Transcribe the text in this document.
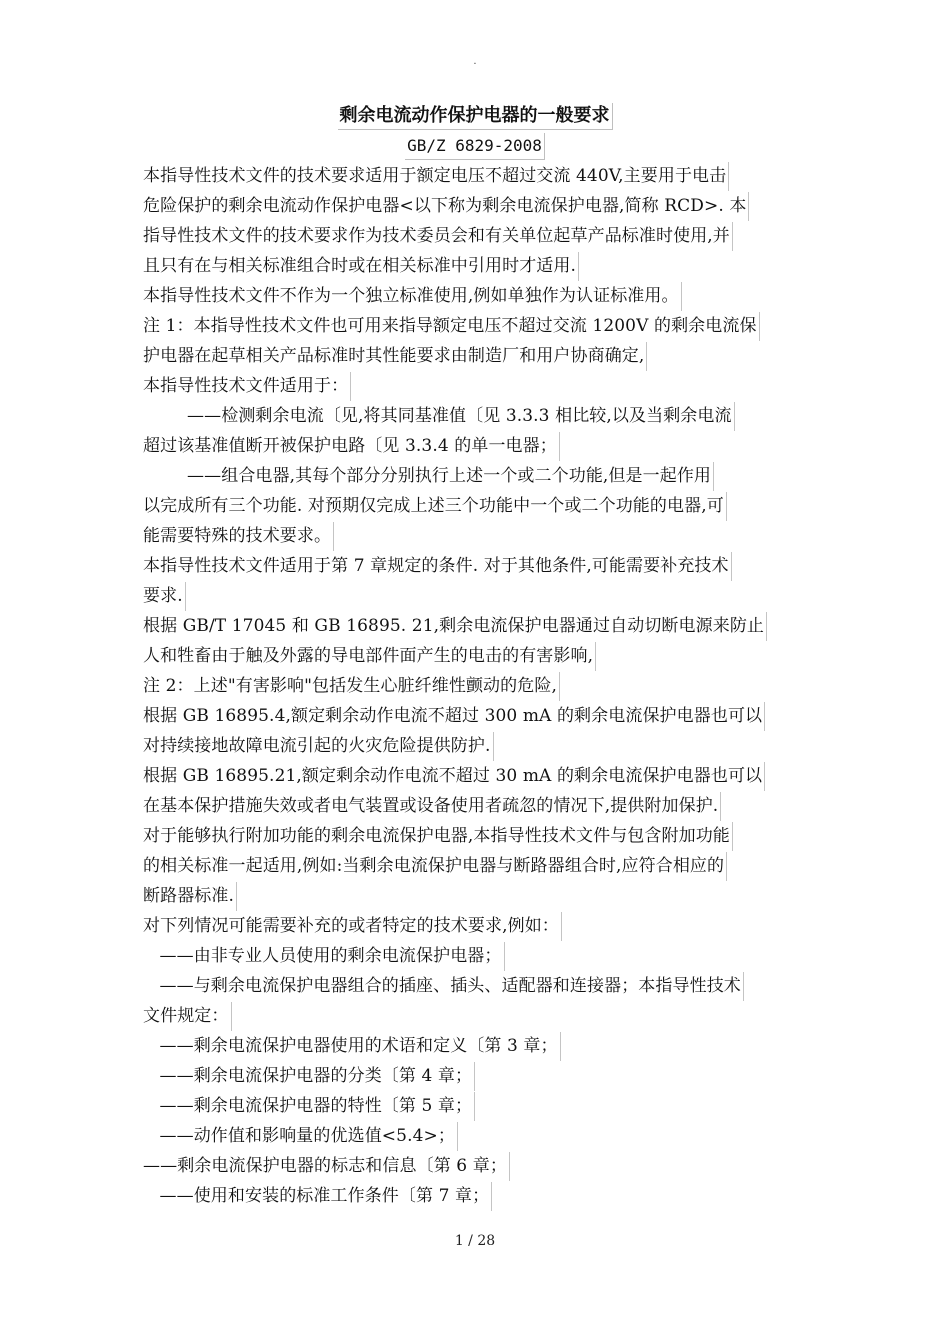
.
剩余电流动作保护电器的一般要求
GB/Z 6829-2008
本指导性技术文件的技术要求适用于额定电压不超过交流 440V,主要用于电击
危险保护的剩余电流动作保护电器<以下称为剩余电流保护电器,简称 RCD>. 本
指导性技术文件的技术要求作为技术委员会和有关单位起草产品标准时使用,并
且只有在与相关标准组合时或在相关标准中引用时才适用.
本指导性技术文件不作为一个独立标准使用,例如单独作为认证标准用。
注 1：本指导性技术文件也可用来指导额定电压不超过交流 1200V 的剩余电流保
护电器在起草相关产品标准时其性能要求由制造厂和用户协商确定,
本指导性技术文件适用于：
——检测剩余电流〔见,将其同基准值〔见 3.3.3 相比较,以及当剩余电流
超过该基准值断开被保护电路〔见 3.3.4 的单一电器；
——组合电器,其每个部分分别执行上述一个或二个功能,但是一起作用
以完成所有三个功能. 对预期仅完成上述三个功能中一个或二个功能的电器,可
能需要特殊的技术要求。
本指导性技术文件适用于第 7 章规定的条件. 对于其他条件,可能需要补充技术
要求.
根据 GB/T 17045 和 GB 16895. 21,剩余电流保护电器通过自动切断电源来防止
人和牲畜由于触及外露的导电部件面产生的电击的有害影响,
注 2：上述"有害影响"包括发生心脏纤维性颤动的危险,
根据 GB 16895.4,额定剩余动作电流不超过 300 mA 的剩余电流保护电器也可以
对持续接地故障电流引起的火灾危险提供防护.
根据 GB 16895.21,额定剩余动作电流不超过 30 mA 的剩余电流保护电器也可以
在基本保护措施失效或者电气装置或设备使用者疏忽的情况下,提供附加保护.
对于能够执行附加功能的剩余电流保护电器,本指导性技术文件与包含附加功能
的相关标准一起适用,例如:当剩余电流保护电器与断路器组合时,应符合相应的
断路器标准.
对下列情况可能需要补充的或者特定的技术要求,例如：
——由非专业人员使用的剩余电流保护电器；
——与剩余电流保护电器组合的插座、插头、适配器和连接器；本指导性技术
文件规定：
——剩余电流保护电器使用的术语和定义〔第 3 章；
——剩余电流保护电器的分类〔第 4 章；
——剩余电流保护电器的特性〔第 5 章；
——动作值和影响量的优选值<5.4>；
——剩余电流保护电器的标志和信息〔第 6 章；
——使用和安装的标准工作条件〔第 7 章；
1 / 28
